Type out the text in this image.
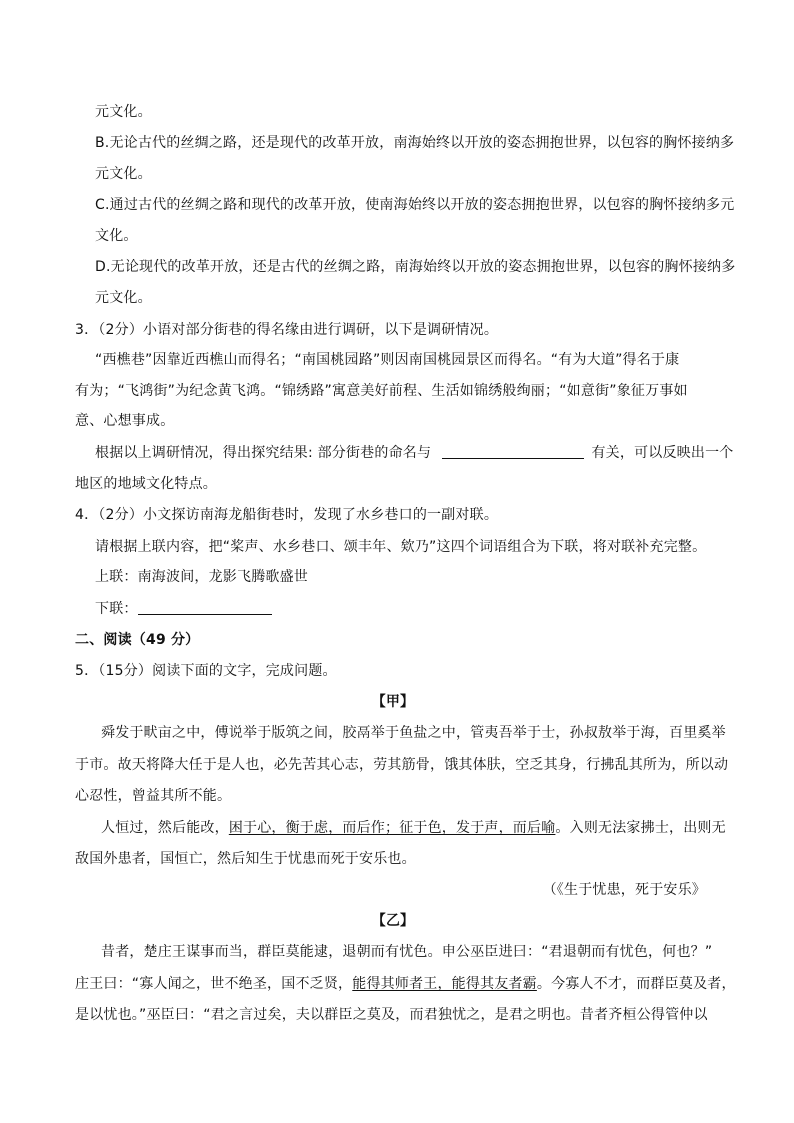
元文化。
B.无论古代的丝绸之路，还是现代的改革开放，南海始终以开放的姿态拥抱世界，以包容的胸怀接纳多
元文化。
C.通过古代的丝绸之路和现代的改革开放，使南海始终以开放的姿态拥抱世界，以包容的胸怀接纳多元
文化。
D.无论现代的改革开放，还是古代的丝绸之路，南海始终以开放的姿态拥抱世界，以包容的胸怀接纳多
元文化。
3．（2分）小语对部分街巷的得名缘由进行调研，以下是调研情况。
“西樵巷”因靠近西樵山而得名；“南国桃园路”则因南国桃园景区而得名。“有为大道”得名于康
有为；“飞鸿街”为纪念黄飞鸿。“锦绣路”寓意美好前程、生活如锦绣般绚丽；“如意街”象征万事如
意、心想事成。
根据以上调研情况，得出探究结果: 部分街巷的命名与	有关，可以反映出一个
地区的地域文化特点。
4．（2分）小文探访南海龙船街巷时，发现了水乡巷口的一副对联。
请根据上联内容，把“桨声、水乡巷口、颂丰年、欸乃”这四个词语组合为下联，将对联补充完整。
上联：南海波间，龙影飞腾歌盛世
下联：
二、阅读（49 分）
5．（15分）阅读下面的文字，完成问题。
【甲】
舜发于畎亩之中，傅说举于版筑之间，胶鬲举于鱼盐之中，管夷吾举于士，孙叔敖举于海，百里奚举
于市。故天将降大任于是人也，必先苦其心志，劳其筋骨，饿其体肤，空乏其身，行拂乱其所为，所以动
心忍性，曾益其所不能。
人恒过，然后能改，困于心，衡于虑，而后作；征于色，发于声，而后喻。入则无法家拂士，出则无
敌国外患者，国恒亡，然后知生于忧患而死于安乐也。
（《生于忧患，死于安乐》
【乙】
昔者，楚庄王谋事而当，群臣莫能逮，退朝而有忧色。申公巫臣进曰：“君退朝而有忧色，何也？”
庄王曰：“寡人闻之，世不绝圣，国不乏贤，能得其师者王，能得其友者霸。今寡人不才，而群臣莫及者，
是以忧也。”巫臣曰：“君之言过矣，夫以群臣之莫及，而君独忧之，是君之明也。昔者齐桓公得管仲以
